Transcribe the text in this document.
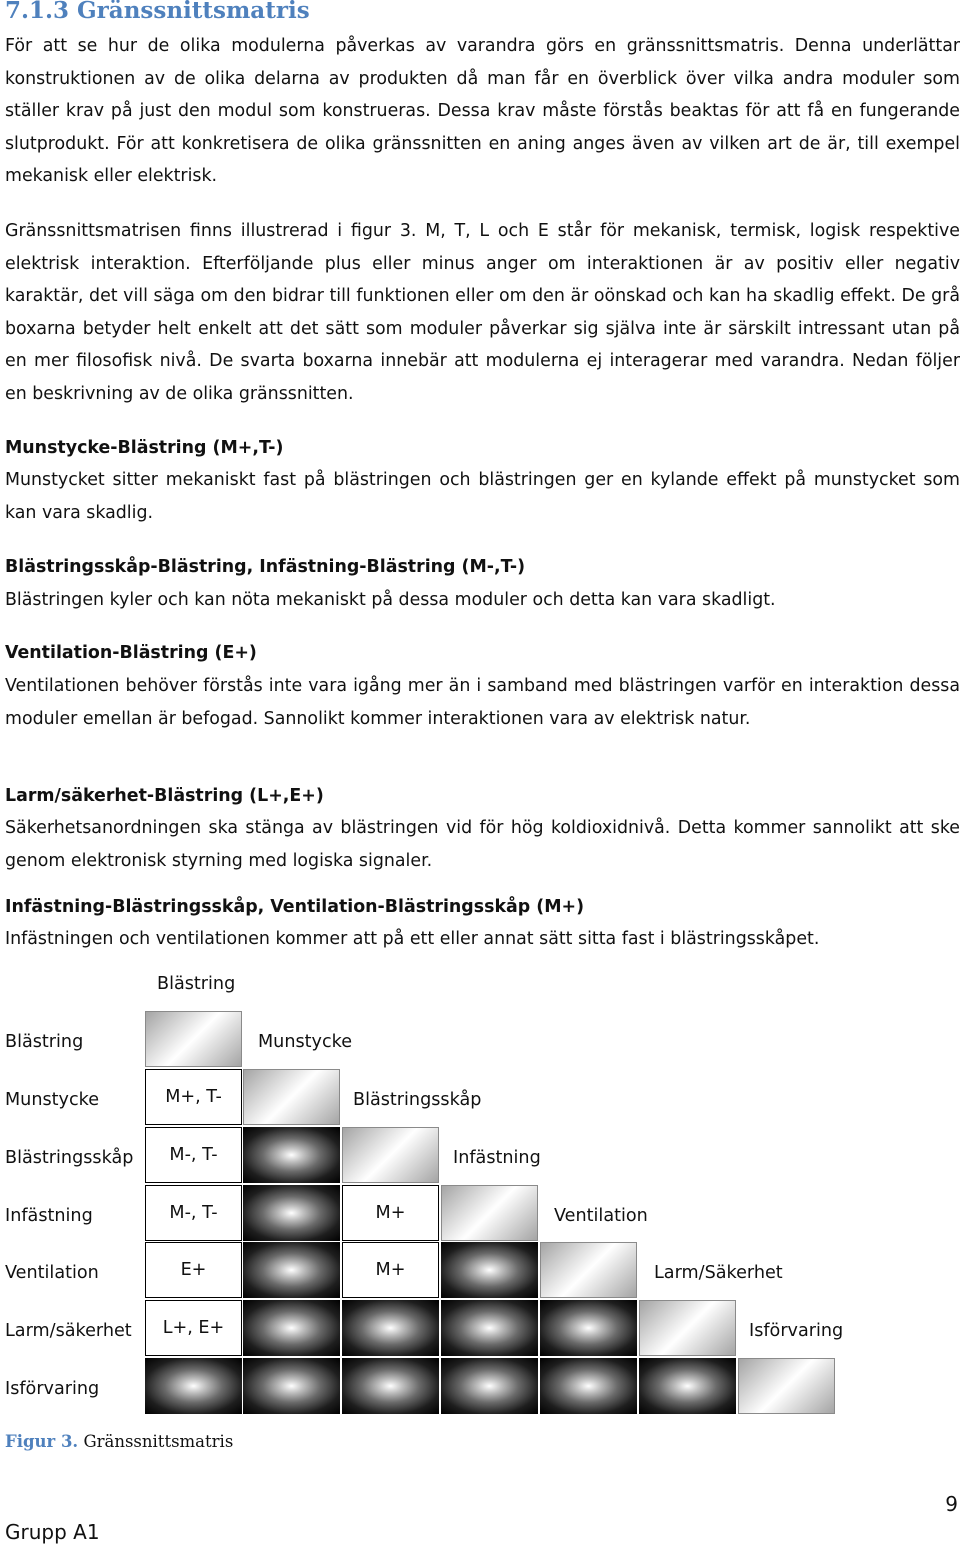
7.1.3 Gränssnittsmatris

För att se hur de olika modulerna påverkas av varandra görs en gränssnittsmatris. Denna underlättar konstruktionen av de olika delarna av produkten då man får en överblick över vilka andra moduler som ställer krav på just den modul som konstrueras. Dessa krav måste förstås beaktas för att få en fungerande slutprodukt. För att konkretisera de olika gränssnitten en aning anges även av vilken art de är, till exempel mekanisk eller elektrisk.

Gränssnittsmatrisen finns illustrerad i figur 3. M, T, L och E står för mekanisk, termisk, logisk respektive elektrisk interaktion. Efterföljande plus eller minus anger om interaktionen är av positiv eller negativ karaktär, det vill säga om den bidrar till funktionen eller om den är oönskad och kan ha skadlig effekt. De grå boxarna betyder helt enkelt att det sätt som moduler påverkar sig själva inte är särskilt intressant utan på en mer filosofisk nivå. De svarta boxarna innebär att modulerna ej interagerar med varandra. Nedan följer en beskrivning av de olika gränssnitten.

Munstycke-Blästring (M+,T-)

Munstycket sitter mekaniskt fast på blästringen och blästringen ger en kylande effekt på munstycket som kan vara skadlig.

Blästringsskåp-Blästring, Infästning-Blästring (M-,T-)

Blästringen kyler och kan nöta mekaniskt på dessa moduler och detta kan vara skadligt.

Ventilation-Blästring (E+)

Ventilationen behöver förstås inte vara igång mer än i samband med blästringen varför en interaktion dessa moduler emellan är befogad. Sannolikt kommer interaktionen vara av elektrisk natur.

Larm/säkerhet-Blästring (L+,E+)

Säkerhetsanordningen ska stänga av blästringen vid för hög koldioxidnivå. Detta kommer sannolikt att ske genom elektronisk styrning med logiska signaler.

Infästning-Blästringsskåp, Ventilation-Blästringsskåp (M+)

Infästningen och ventilationen kommer att på ett eller annat sätt sitta fast i blästringsskåpet.

Blästring
Blästring
Munstycke
Blästringsskåp
Infästning
Ventilation
Larm/säkerhet
Isförvaring
Munstycke
Blästringsskåp
Infästning
Ventilation
Larm/Säkerhet
Isförvaring
M+, T-
M-, T-
M-, T-	M+
E+	M+
L+, E+

Figur 3. Gränssnittsmatris

9
Grupp A1
